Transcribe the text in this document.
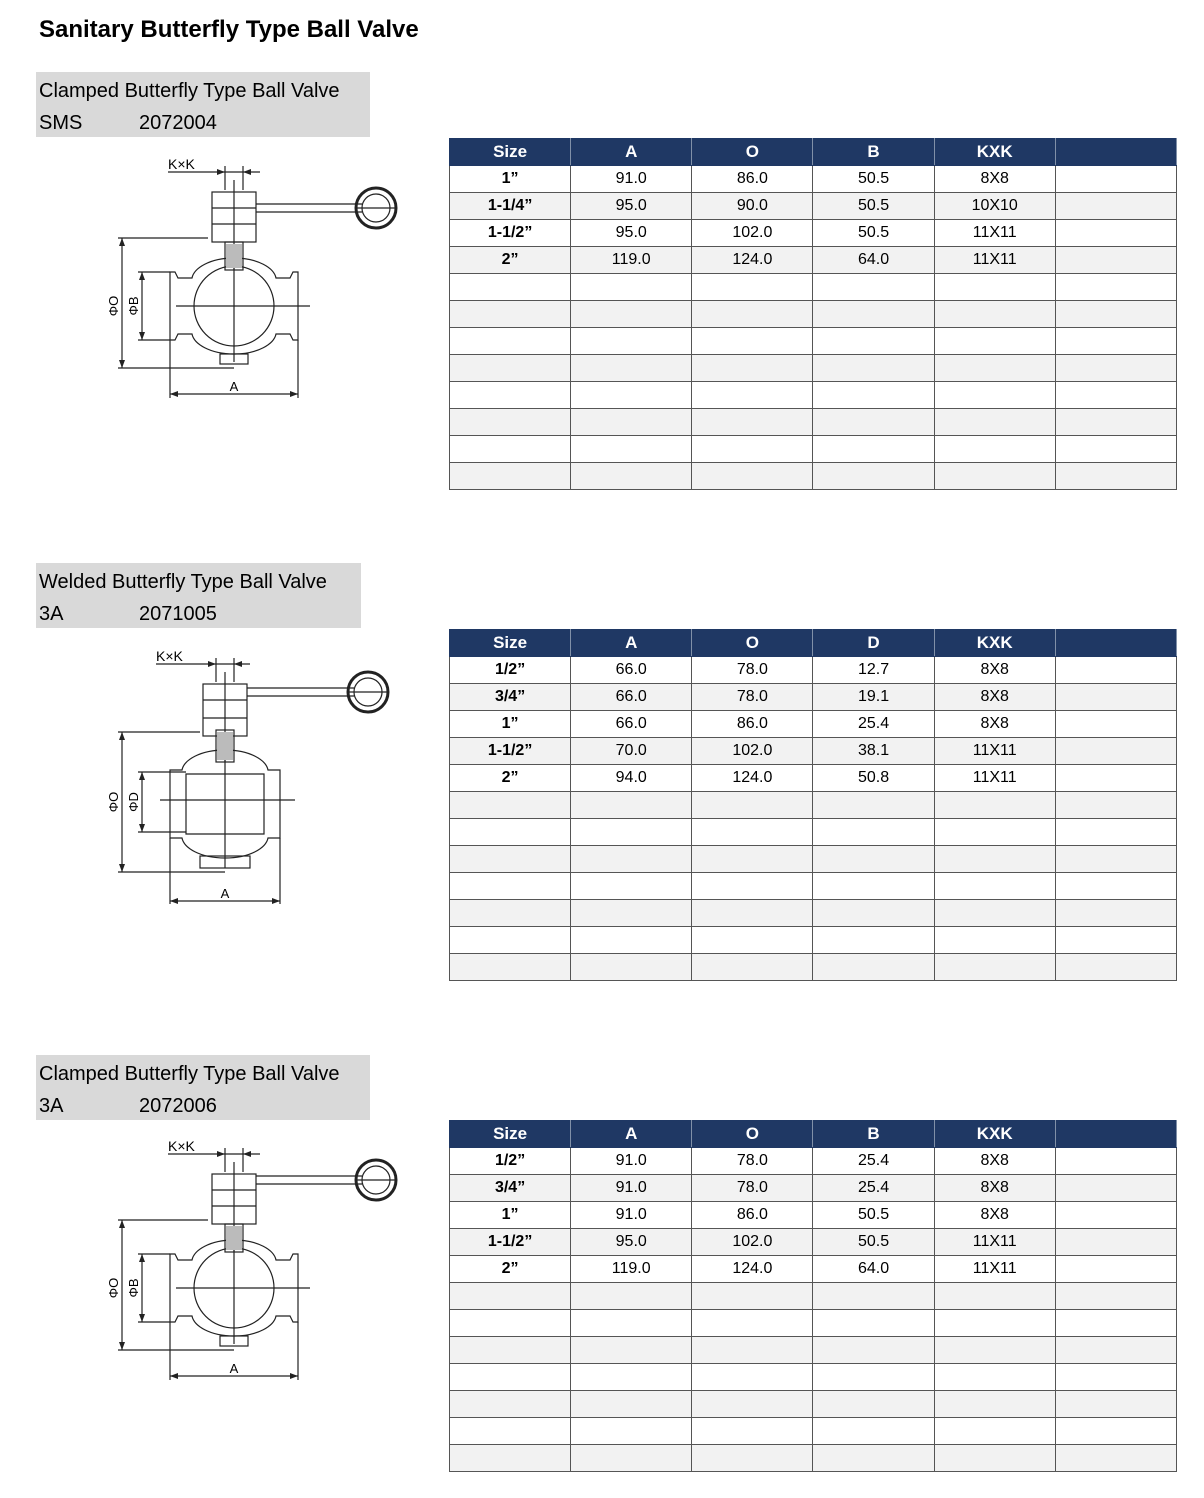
Sanitary Butterfly Type Ball Valve
Clamped Butterfly Type Ball Valve
SMS	2072004
K×K
ΦO ΦB
A
Size	A	O	B	KXK	
1”	91.0	86.0	50.5	8X8	
1-1/4”	95.0	90.0	50.5	10X10	
1-1/2”	95.0	102.0	50.5	11X11	
2”	119.0	124.0	64.0	11X11	

Welded Butterfly Type Ball Valve
3A	2071005
K×K
ΦO ΦD
A
Size	A	O	D	KXK	
1/2”	66.0	78.0	12.7	8X8	
3/4”	66.0	78.0	19.1	8X8	
1”	66.0	86.0	25.4	8X8	
1-1/2”	70.0	102.0	38.1	11X11	
2”	94.0	124.0	50.8	11X11	

Clamped Butterfly Type Ball Valve
3A	2072006
K×K
ΦO ΦB
A
Size	A	O	B	KXK	
1/2”	91.0	78.0	25.4	8X8	
3/4”	91.0	78.0	25.4	8X8	
1”	91.0	86.0	50.5	8X8	
1-1/2”	95.0	102.0	50.5	11X11	
2”	119.0	124.0	64.0	11X11	
